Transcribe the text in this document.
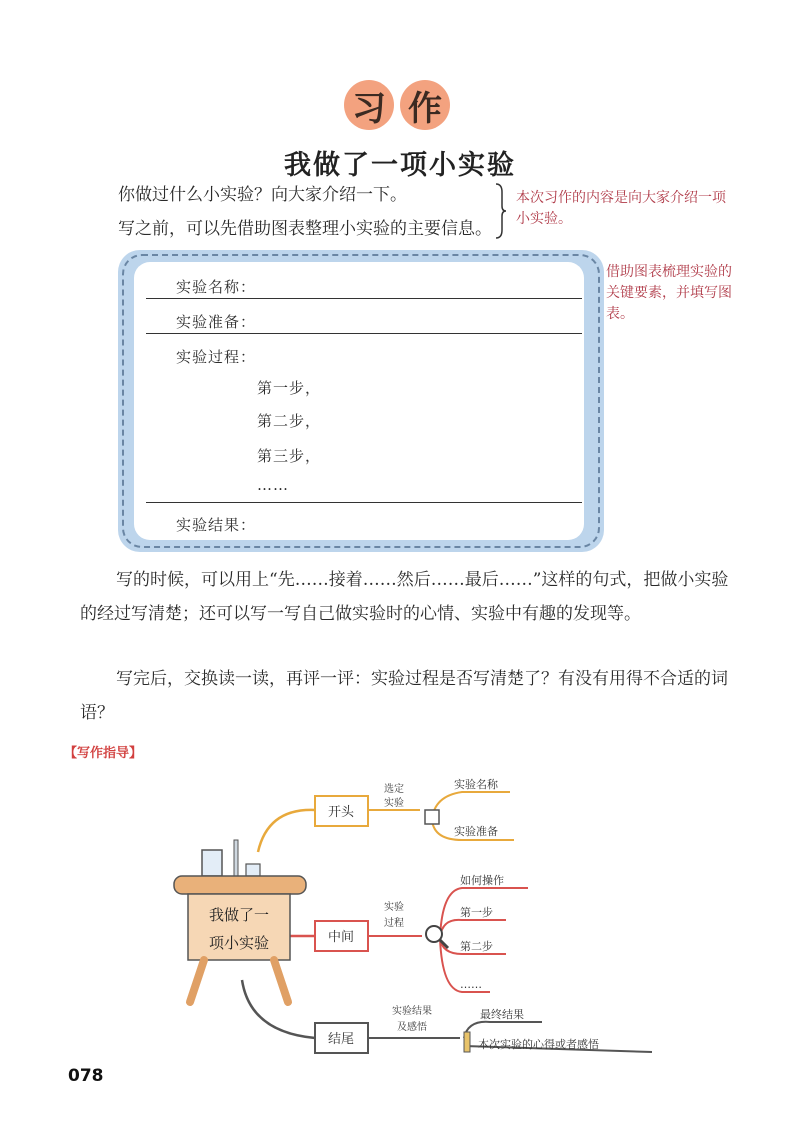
习 作
我做了一项小实验
你做过什么小实验？向大家介绍一下。
写之前，可以先借助图表整理小实验的主要信息。
本次习作的内容是向大家介绍一项小实验。
借助图表梳理实验的关键要素，并填写图表。
实验名称：
实验准备：
实验过程：
第一步，
第二步，
第三步，
……
实验结果：
写的时候，可以用上“先……接着……然后……最后……”这样的句式，把做小实验的经过写清楚；还可以写一写自己做实验时的心情、实验中有趣的发现等。
写完后，交换读一读，再评一评：实验过程是否写清楚了？有没有用得不合适的词语？
【写作指导】
我做了一
项小实验
开头
中间
结尾
选定
实验
实验
过程
实验结果
及感悟
实验名称
实验准备
如何操作
第一步
第二步
……
最终结果
本次实验的心得或者感悟
078
